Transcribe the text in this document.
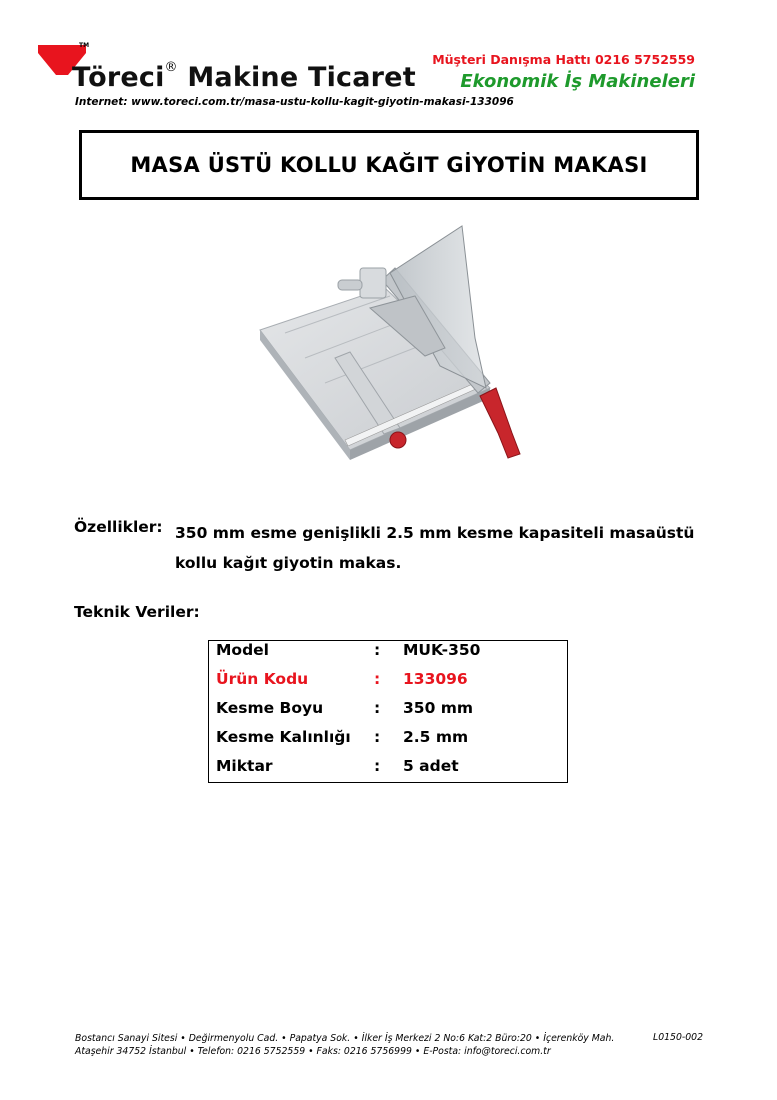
TM
Töreci® Makine Ticaret
Internet: www.toreci.com.tr/masa-ustu-kollu-kagit-giyotin-makasi-133096
Müşteri Danışma Hattı 0216 5752559
Ekonomik İş Makineleri
MASA ÜSTÜ KOLLU KAĞIT GİYOTİN MAKASI
Özellikler: 350 mm esme genişlikli 2.5 mm kesme kapasiteli masaüstü kollu kağıt giyotin makas.
Teknik Veriler:
Model	: MUK-350
Ürün Kodu	: 133096
Kesme Boyu	: 350 mm
Kesme Kalınlığı : 2.5 mm
Miktar	: 5 adet
Bostancı Sanayi Sitesi • Değirmenyolu Cad. • Papatya Sok. • İlker İş Merkezi 2 No:6 Kat:2 Büro:20 • İçerenköy Mah.
Ataşehir 34752 İstanbul • Telefon: 0216 5752559 • Faks: 0216 5756999 • E-Posta: info@toreci.com.tr
L0150-002
